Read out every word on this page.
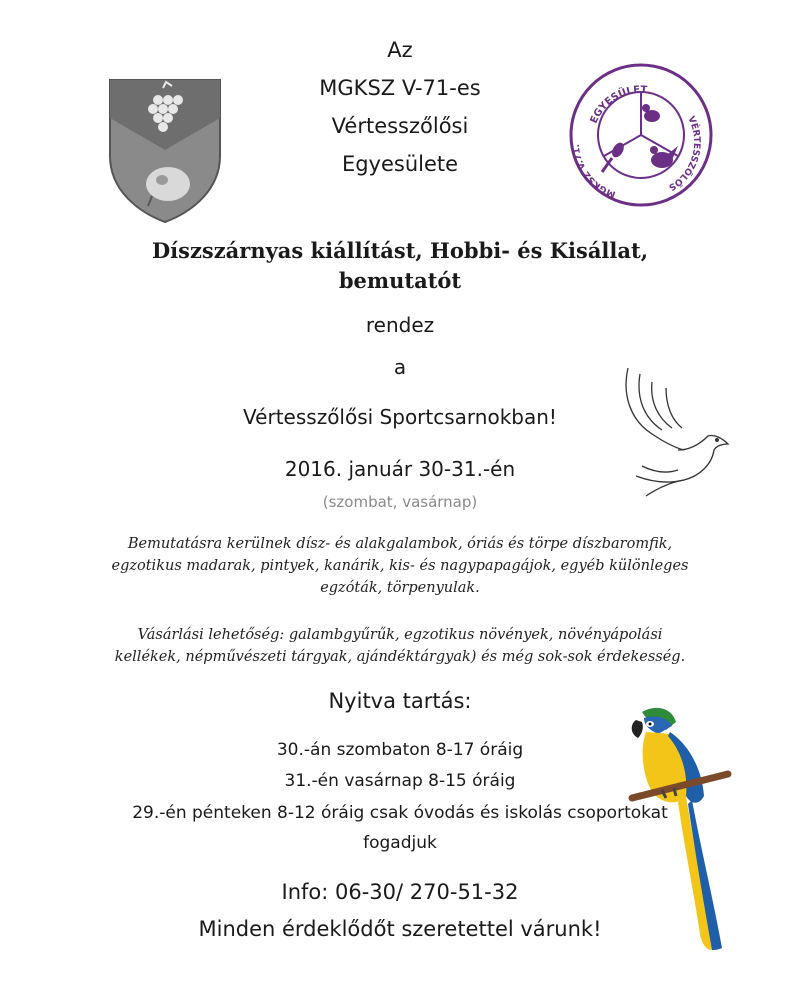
Az
MGKSZ V-71-es
Vértesszőlősi
Egyesülete
EGYESÜLET
VÉRTESSZŐLŐS
MGKSZ V.71.
Díszszárnyas kiállítást, Hobbi- és Kisállat,
bemutatót
rendez
a
Vértesszőlősi Sportcsarnokban!
2016. január 30-31.-én
(szombat, vasárnap)
Bemutatásra kerülnek dísz- és alakgalambok, óriás és törpe díszbaromfik,
egzotikus madarak, pintyek, kanárik, kis- és nagypapagájok, egyéb különleges
egzóták, törpenyulak.
Vásárlási lehetőség: galambgyűrűk, egzotikus növények, növényápolási
kellékek, népművészeti tárgyak, ajándéktárgyak) és még sok-sok érdekesség.
Nyitva tartás:
30.-án szombaton 8-17 óráig
31.-én vasárnap 8-15 óráig
29.-én pénteken 8-12 óráig csak óvodás és iskolás csoportokat
fogadjuk
Info: 06-30/ 270-51-32
Minden érdeklődőt szeretettel várunk!
